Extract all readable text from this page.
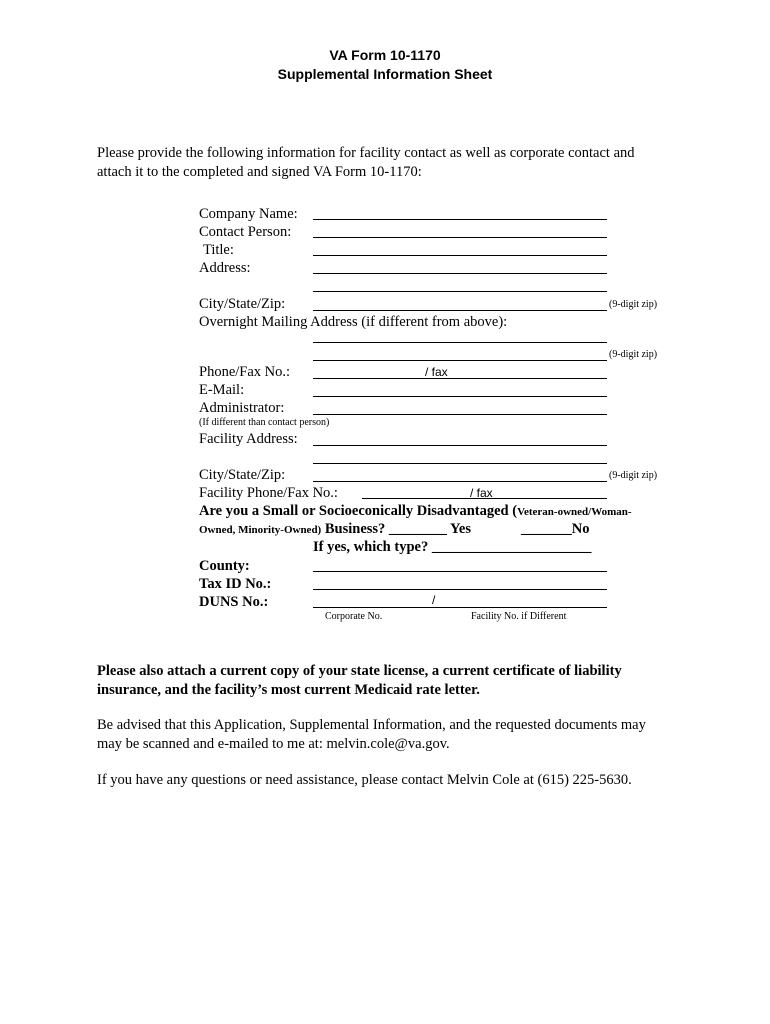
VA Form 10-1170
Supplemental Information Sheet
Please provide the following information for facility contact as well as corporate contact and
attach it to the completed and signed VA Form 10-1170:
Company Name:
Contact Person:
Title:
Address:
City/State/Zip:	(9-digit zip)
Overnight Mailing Address (if different from above):
(9-digit zip)
Phone/Fax No.:	/ fax
E-Mail:
Administrator:
(If different than contact person)
Facility Address:
City/State/Zip:	(9-digit zip)
Facility Phone/Fax No.:	/ fax
Are you a Small or Socioeconically Disadvantaged (Veteran-owned/Woman-
Owned, Minority-Owned) Business? ________ Yes	_______No
If yes, which type? ______________________
County:
Tax ID No.:
DUNS No.:	/
Corporate No.	Facility No. if Different
Please also attach a current copy of your state license, a current certificate of liability
insurance, and the facility’s most current Medicaid rate letter.
Be advised that this Application, Supplemental Information, and the requested documents may
may be scanned and e-mailed to me at: melvin.cole@va.gov.
If you have any questions or need assistance, please contact Melvin Cole at (615) 225-5630.
